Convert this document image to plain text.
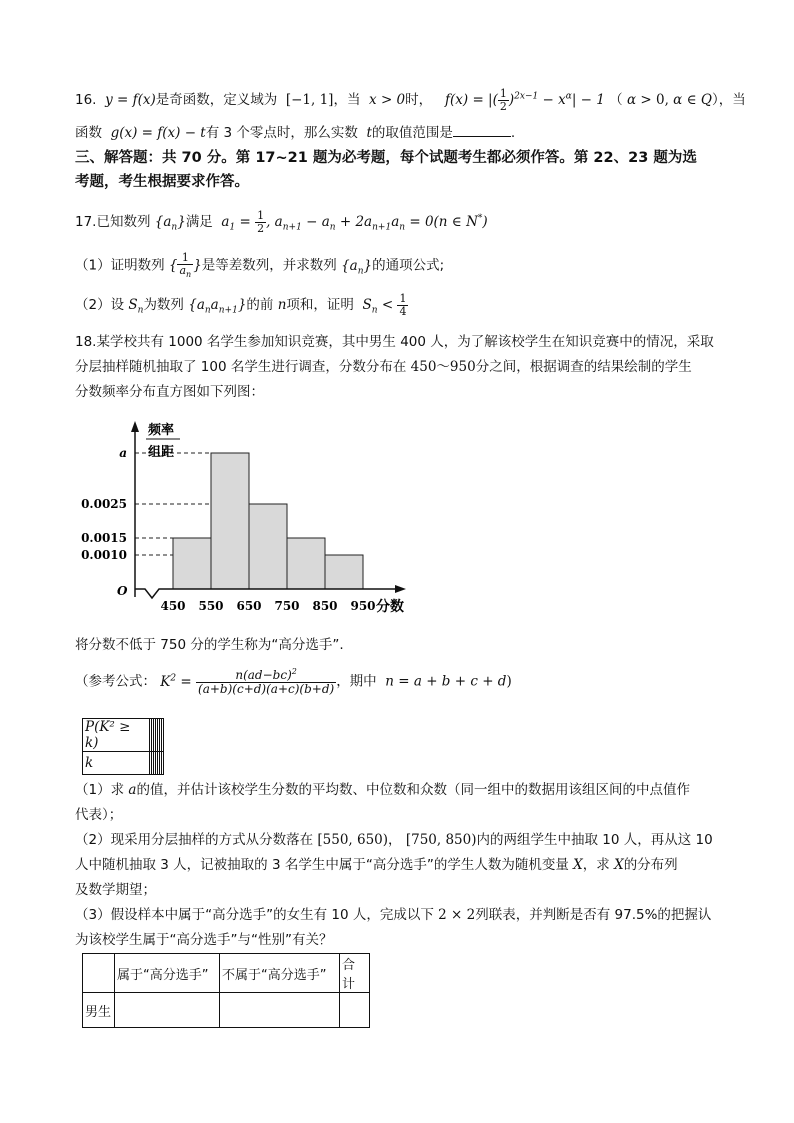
16.  y = f(x)是奇函数，定义域为  [−1, 1]，当  x > 0时，   f(x) = |( $\frac{1}{2} )^{2x-1} - x^\alpha| - 1$ （ α > 0, α ∈ Q），当
函数  g(x) = f(x) − t有 3 个零点时，那么实数  t的取值范围是	.
三、解答题：共 70 分。第 17~21 题为必考题，每个试题考生都必须作答。第 22、23 题为选
考题，考生根据要求作答。
17.已知数列 $\{a_n\}$满足  $a_1 = \frac{1}{2}$ , $a_{n+1} - a_n + 2a_{n+1}a_n = 0(n$ ∈ N*)
（1）证明数列 { $\frac{1}{a_n}$ }是等差数列，并求数列 $\{a_n\}$的通项公式;
（2）设 $S_n$为数列 $\{a_na_{n+1}\}$的前 n项和，证明  $S_n < \frac{1}{4}$
18.某学校共有 1000 名学生参加知识竞赛，其中男生 400 人，为了解该校学生在知识竞赛中的情况，采取
分层抽样随机抽取了 100 名学生进行调查，分数分布在 450～950分之间，根据调查的结果绘制的学生
分数频率分布直方图如下列图：
0.0010
0.0015
0.0025
a
450 550 650 750 850 950 分数
频率
组距
O
将分数不低于 750 分的学生称为“高分选手”.
（参考公式： $K^2 = \frac{n(ad-bc)^2}{(a+b)(c+d)(a+c)(b+d)}$ ，期中  n = a + b + c + d)
P(K² ≥ k)							
k							
（1）求 a的值，并估计该校学生分数的平均数、中位数和众数（同一组中的数据用该组区间的中点值作
代表）；
（2）现采用分层抽样的方式从分数落在 [550, 650)， [750, 850)内的两组学生中抽取 10 人，再从这 10
人中随机抽取 3 人，记被抽取的 3 名学生中属于“高分选手”的学生人数为随机变量 X，求 X的分布列
及数学期望；
（3）假设样本中属于“高分选手”的女生有 10 人，完成以下 2 × 2列联表，并判断是否有 97.5%的把握认
为该校学生属于“高分选手”与“性别”有关？
	属于“高分选手”	不属于“高分选手”	合计
男生			
